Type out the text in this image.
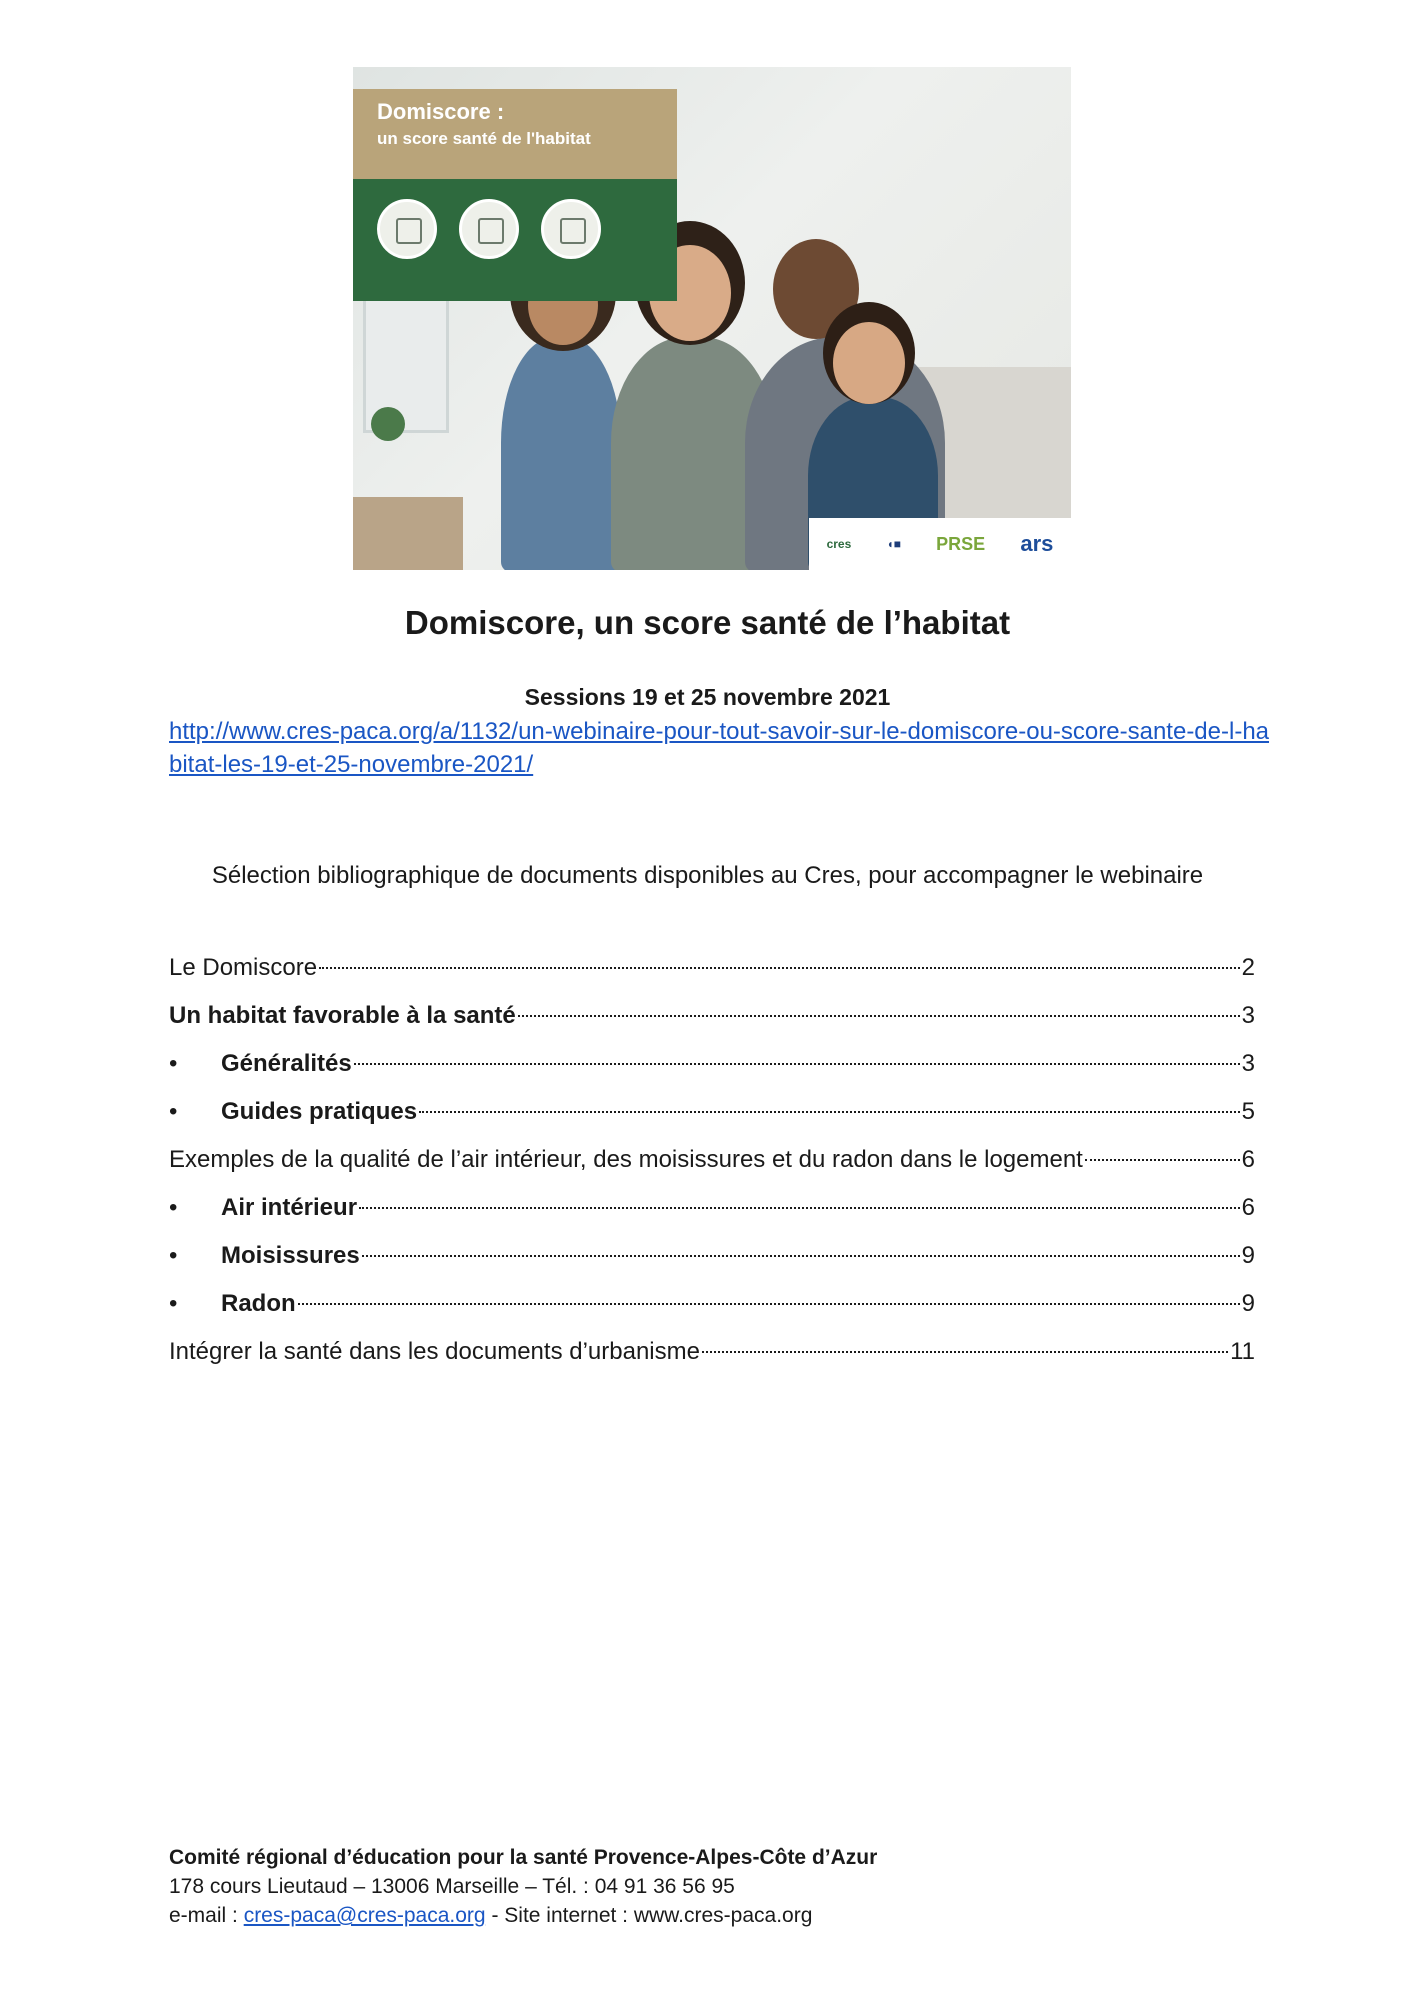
Domiscore :
un score santé de l'habitat
cres	◖■ PRSE ars
Domiscore, un score santé de l’habitat
Sessions 19 et 25 novembre 2021
http://www.cres-paca.org/a/1132/un-webinaire-pour-tout-savoir-sur-le-domiscore-ou-score-sante-de-l-habitat-les-19-et-25-novembre-2021/
Sélection bibliographique de documents disponibles au Cres, pour accompagner le webinaire
Le Domiscore	2
Un habitat favorable à la santé	3
•	Généralités	3
•	Guides pratiques	5
Exemples de la qualité de l’air intérieur, des moisissures et du radon dans le logement	6
•	Air intérieur	6
•	Moisissures	9
•	Radon	9
Intégrer la santé dans les documents d’urbanisme	11
Comité régional d’éducation pour la santé Provence-Alpes-Côte d’Azur
178 cours Lieutaud – 13006 Marseille – Tél. : 04 91 36 56 95
e-mail : cres-paca@cres-paca.org - Site internet : www.cres-paca.org
